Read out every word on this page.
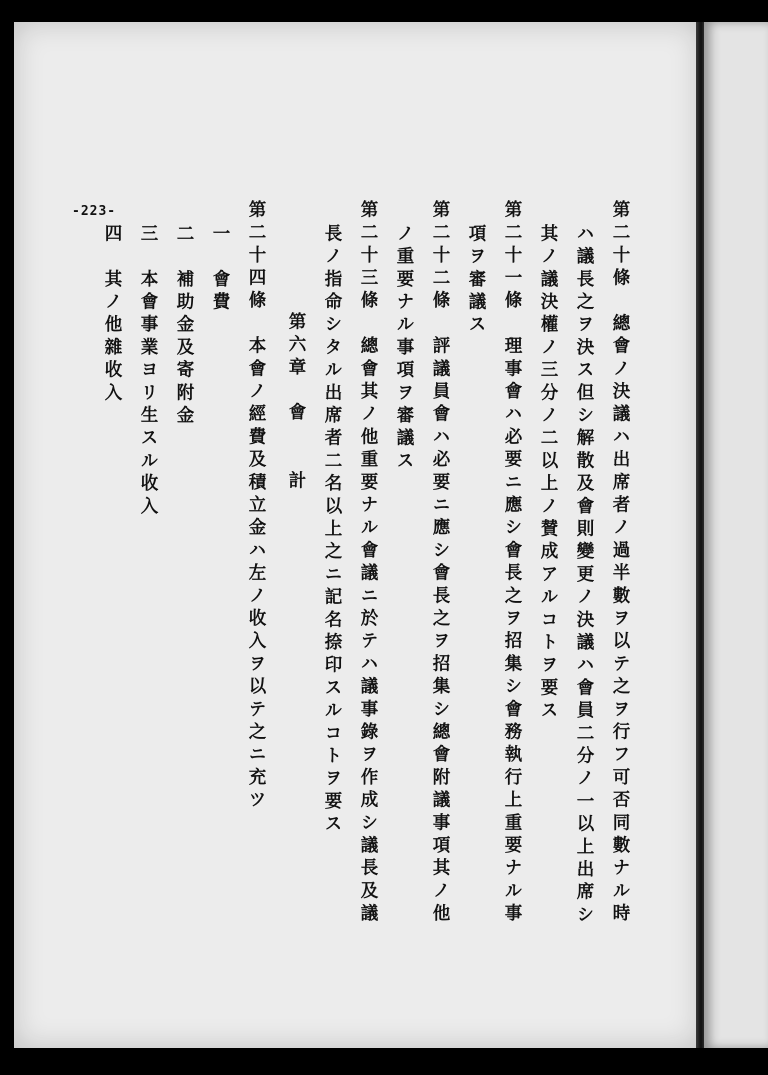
-223-	第二十條　總會ノ決議ハ出席者ノ過半數ヲ以テ之ヲ行フ可否同數ナル時
ハ議長之ヲ決ス但シ解散及會則變更ノ決議ハ會員二分ノ一以上出席シ
其ノ議決權ノ三分ノ二以上ノ賛成アルコトヲ要ス
第二十一條　理事會ハ必要ニ應シ會長之ヲ招集シ會務執行上重要ナル事
項ヲ審議ス
第二十二條　評議員會ハ必要ニ應シ會長之ヲ招集シ總會附議事項其ノ他
ノ重要ナル事項ヲ審議ス
第二十三條　總會其ノ他重要ナル會議ニ於テハ議事錄ヲ作成シ議長及議
長ノ指命シタル出席者二名以上之ニ記名捺印スルコトヲ要ス
第六章　會　　計
第二十四條　本會ノ經費及積立金ハ左ノ收入ヲ以テ之ニ充ツ
一　會費
二　補助金及寄附金
三　本會事業ヨリ生スル收入
四　其ノ他雜收入
